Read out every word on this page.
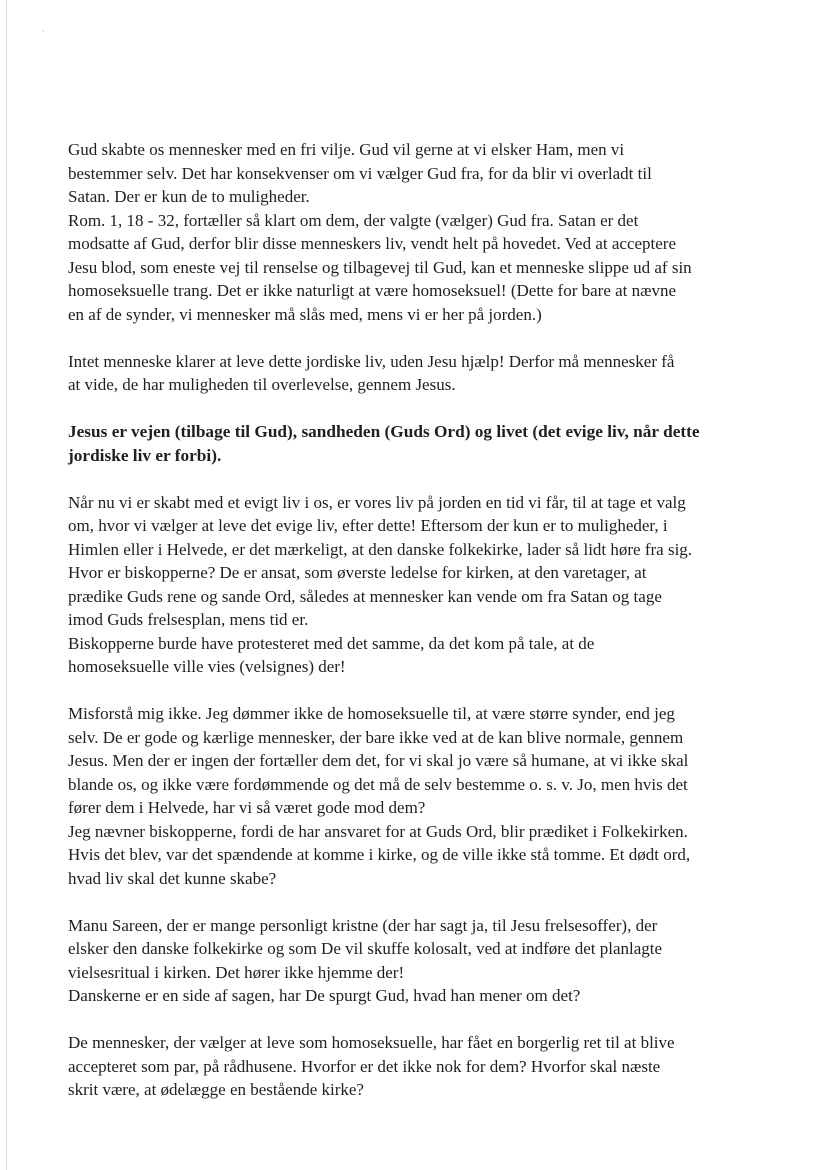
`

Gud skabte os mennesker med en fri vilje. Gud vil gerne at vi elsker Ham, men vi
bestemmer selv. Det har konsekvenser om vi vælger Gud fra, for da blir vi overladt til
Satan. Der er kun de to muligheder.
Rom. 1, 18 - 32, fortæller så klart om dem, der valgte (vælger) Gud fra. Satan er det
modsatte af Gud, derfor blir disse menneskers liv, vendt helt på hovedet. Ved at acceptere
Jesu blod, som eneste vej til renselse og tilbagevej til Gud, kan et menneske slippe ud af sin
homoseksuelle trang. Det er ikke naturligt at være homoseksuel! (Dette for bare at nævne
en af de synder, vi mennesker må slås med, mens vi er her på jorden.)

Intet menneske klarer at leve dette jordiske liv, uden Jesu hjælp! Derfor må mennesker få
at vide, de har muligheden til overlevelse, gennem Jesus.

Jesus er vejen (tilbage til Gud), sandheden (Guds Ord) og livet (det evige liv, når dette
jordiske liv er forbi).

Når nu vi er skabt med et evigt liv i os, er vores liv på jorden en tid vi får, til at tage et valg
om, hvor vi vælger at leve det evige liv, efter dette! Eftersom der kun er to muligheder, i
Himlen eller i Helvede, er det mærkeligt, at den danske folkekirke, lader så lidt høre fra sig.
Hvor er biskopperne? De er ansat, som øverste ledelse for kirken, at den varetager, at
prædike Guds rene og sande Ord, således at mennesker kan vende om fra Satan og tage
imod Guds frelsesplan, mens tid er.
Biskopperne burde have protesteret med det samme, da det kom på tale, at de
homoseksuelle ville vies (velsignes) der!

Misforstå mig ikke. Jeg dømmer ikke de homoseksuelle til, at være større synder, end jeg
selv. De er gode og kærlige mennesker, der bare ikke ved at de kan blive normale, gennem
Jesus. Men der er ingen der fortæller dem det, for vi skal jo være så humane, at vi ikke skal
blande os, og ikke være fordømmende og det må de selv bestemme o. s. v. Jo, men hvis det
fører dem i Helvede, har vi så været gode mod dem?
Jeg nævner biskopperne, fordi de har ansvaret for at Guds Ord, blir prædiket i Folkekirken.
Hvis det blev, var det spændende at komme i kirke, og de ville ikke stå tomme. Et dødt ord,
hvad liv skal det kunne skabe?

Manu Sareen, der er mange personligt kristne (der har sagt ja, til Jesu frelsesoffer), der
elsker den danske folkekirke og som De vil skuffe kolosalt, ved at indføre det planlagte
vielsesritual i kirken. Det hører ikke hjemme der!
Danskerne er en side af sagen, har De spurgt Gud, hvad han mener om det?

De mennesker, der vælger at leve som homoseksuelle, har fået en borgerlig ret til at blive
accepteret som par, på rådhusene. Hvorfor er det ikke nok for dem? Hvorfor skal næste
skrit være, at ødelægge en bestående kirke?
